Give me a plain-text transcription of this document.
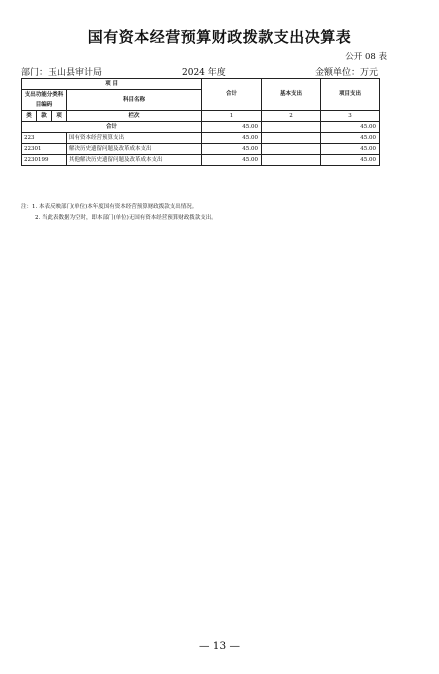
国有资本经营预算财政拨款支出决算表
公开 08 表
部门：玉山县审计局	2024 年度	金额单位：万元
项 目				合计	基本支出	项目支出
支出功能分类科目编码			科目名称			

类	款	项				
			栏次	1	2	3
合计				45.00		45.00
223			国有资本经营预算支出	45.00		45.00
22301			解决历史遗留问题及改革成本支出	45.00		45.00
2230199			其他解决历史遗留问题及改革成本支出	45.00		45.00
注：1. 本表反映部门(单位)本年度国有资本经营预算财政拨款支出情况。
2. 当此表数据为空时，即本部门(单位)无国有资本经营预算财政拨款支出。
— 13 —
